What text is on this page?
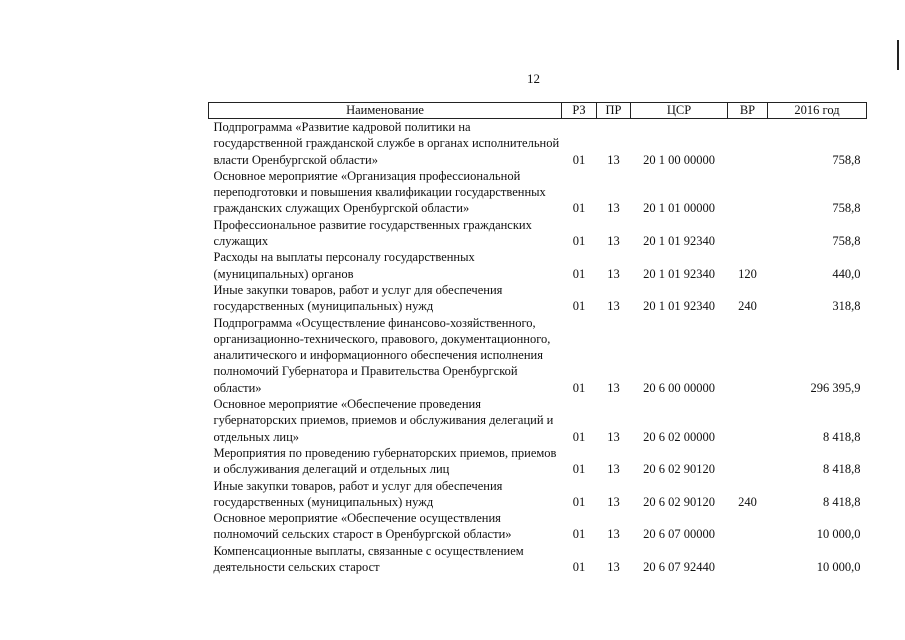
12
Наименование	РЗ	ПР	ЦСР	ВР	2016 год
Подпрограмма «Развитие кадровой политики на государственной гражданской службе в органах исполнительной власти Оренбургской области»	01	13	20 1 00 00000		758,8
Основное мероприятие «Организация профессиональной переподготовки и повышения квалификации государственных гражданских служащих Оренбургской области»	01	13	20 1 01 00000		758,8
Профессиональное развитие государственных гражданских служащих	01	13	20 1 01 92340		758,8
Расходы на выплаты персоналу государственных (муниципальных) органов	01	13	20 1 01 92340	120	440,0
Иные закупки товаров, работ и услуг для обеспечения государственных (муниципальных) нужд	01	13	20 1 01 92340	240	318,8
Подпрограмма «Осуществление финансово-хозяйственного, организационно-технического, правового, документационного, аналитического и информационного обеспечения исполнения полномочий Губернатора и Правительства Оренбургской области»	01	13	20 6 00 00000		296 395,9
Основное мероприятие «Обеспечение проведения губернаторских приемов, приемов и обслуживания делегаций и отдельных лиц»	01	13	20 6 02 00000		8 418,8
Мероприятия по проведению губернаторских приемов, приемов и обслуживания делегаций и отдельных лиц	01	13	20 6 02 90120		8 418,8
Иные закупки товаров, работ и услуг для обеспечения государственных (муниципальных) нужд	01	13	20 6 02 90120	240	8 418,8
Основное мероприятие «Обеспечение осуществления полномочий сельских старост в Оренбургской области»	01	13	20 6 07 00000		10 000,0
Компенсационные выплаты, связанные с осуществлением деятельности сельских старост	01	13	20 6 07 92440		10 000,0
